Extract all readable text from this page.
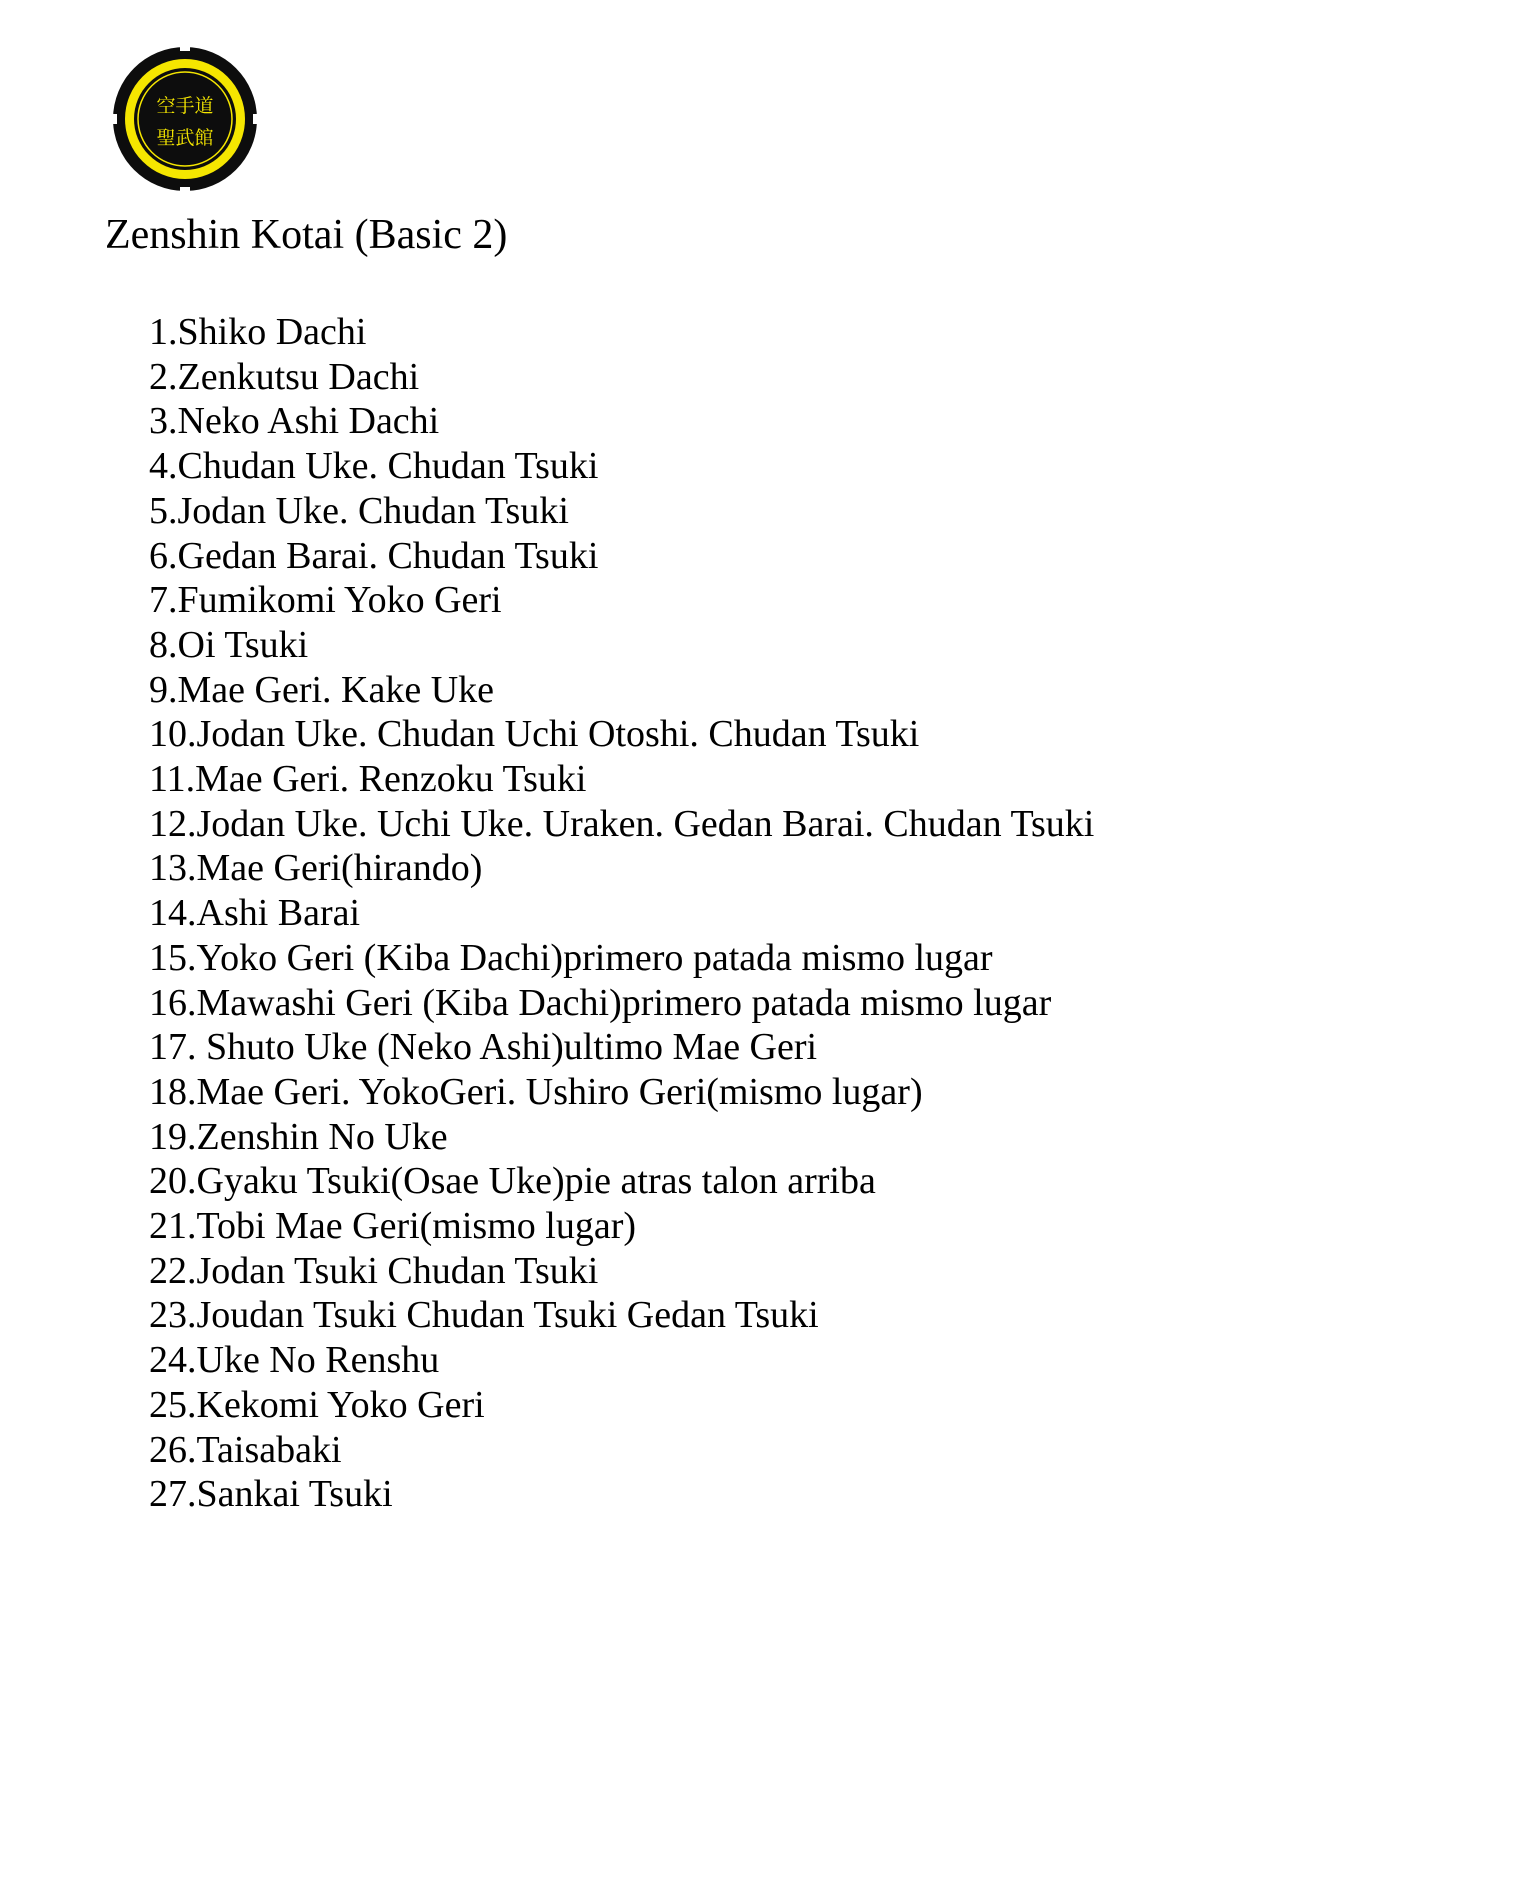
空手道
聖武館
Zenshin Kotai (Basic 2)
1.Shiko Dachi
2.Zenkutsu Dachi
3.Neko Ashi Dachi
4.Chudan Uke. Chudan Tsuki
5.Jodan Uke. Chudan Tsuki
6.Gedan Barai. Chudan Tsuki
7.Fumikomi Yoko Geri
8.Oi Tsuki
9.Mae Geri. Kake Uke
10.Jodan Uke. Chudan Uchi Otoshi. Chudan Tsuki
11.Mae Geri. Renzoku Tsuki
12.Jodan Uke. Uchi Uke. Uraken. Gedan Barai. Chudan Tsuki
13.Mae Geri(hirando)
14.Ashi Barai
15.Yoko Geri (Kiba Dachi)primero patada mismo lugar
16.Mawashi Geri (Kiba Dachi)primero patada mismo lugar
17. Shuto Uke (Neko Ashi)ultimo Mae Geri
18.Mae Geri. YokoGeri. Ushiro Geri(mismo lugar)
19.Zenshin No Uke
20.Gyaku Tsuki(Osae Uke)pie atras talon arriba
21.Tobi Mae Geri(mismo lugar)
22.Jodan Tsuki Chudan Tsuki
23.Joudan Tsuki Chudan Tsuki Gedan Tsuki
24.Uke No Renshu
25.Kekomi Yoko Geri
26.Taisabaki
27.Sankai Tsuki
